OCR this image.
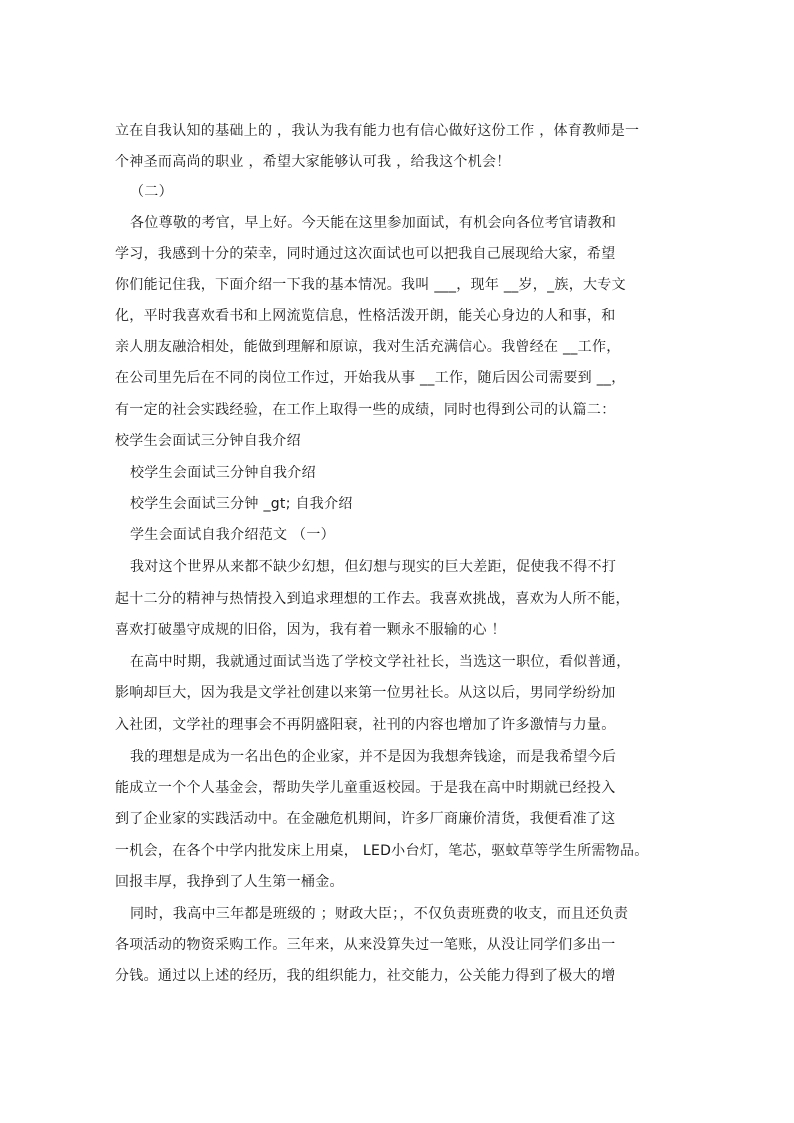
立在自我认知的基础上的 ，我认为我有能力也有信心做好这份工作 ，体育教师是一
个神圣而高尚的职业 ，希望大家能够认可我 ，给我这个机会！
（二）
各位尊敬的考官，早上好。今天能在这里参加面试，有机会向各位考官请教和
学习，我感到十分的荣幸，同时通过这次面试也可以把我自己展现给大家，希望
你们能记住我，下面介绍一下我的基本情况。我叫 ___，现年 __岁，_族，大专文
化，平时我喜欢看书和上网流览信息，性格活泼开朗，能关心身边的人和事，和
亲人朋友融洽相处，能做到理解和原谅，我对生活充满信心。我曾经在 __工作，
在公司里先后在不同的岗位工作过，开始我从事 __工作，随后因公司需要到 __，
有一定的社会实践经验，在工作上取得一些的成绩，同时也得到公司的认篇二：
校学生会面试三分钟自我介绍
校学生会面试三分钟自我介绍
校学生会面试三分钟 _gt; 自我介绍
学生会面试自我介绍范文 （一）
我对这个世界从来都不缺少幻想，但幻想与现实的巨大差距，促使我不得不打
起十二分的精神与热情投入到追求理想的工作去。我喜欢挑战，喜欢为人所不能，
喜欢打破墨守成规的旧俗，因为，我有着一颗永不服输的心 ！
在高中时期，我就通过面试当选了学校文学社社长，当选这一职位，看似普通，
影响却巨大，因为我是文学社创建以来第一位男社长。从这以后，男同学纷纷加
入社团，文学社的理事会不再阴盛阳衰，社刊的内容也增加了许多激情与力量。
我的理想是成为一名出色的企业家，并不是因为我想奔钱途，而是我希望今后
能成立一个个人基金会，帮助失学儿童重返校园。于是我在高中时期就已经投入
到了企业家的实践活动中。在金融危机期间，许多厂商廉价清货，我便看准了这
一机会，在各个中学内批发床上用桌， LED小台灯，笔芯，驱蚊草等学生所需物品。
回报丰厚，我挣到了人生第一桶金。
同时，我高中三年都是班级的 ；财政大臣；，不仅负责班费的收支，而且还负责
各项活动的物资采购工作。三年来，从来没算失过一笔账，从没让同学们多出一
分钱。通过以上述的经历，我的组织能力，社交能力，公关能力得到了极大的增
